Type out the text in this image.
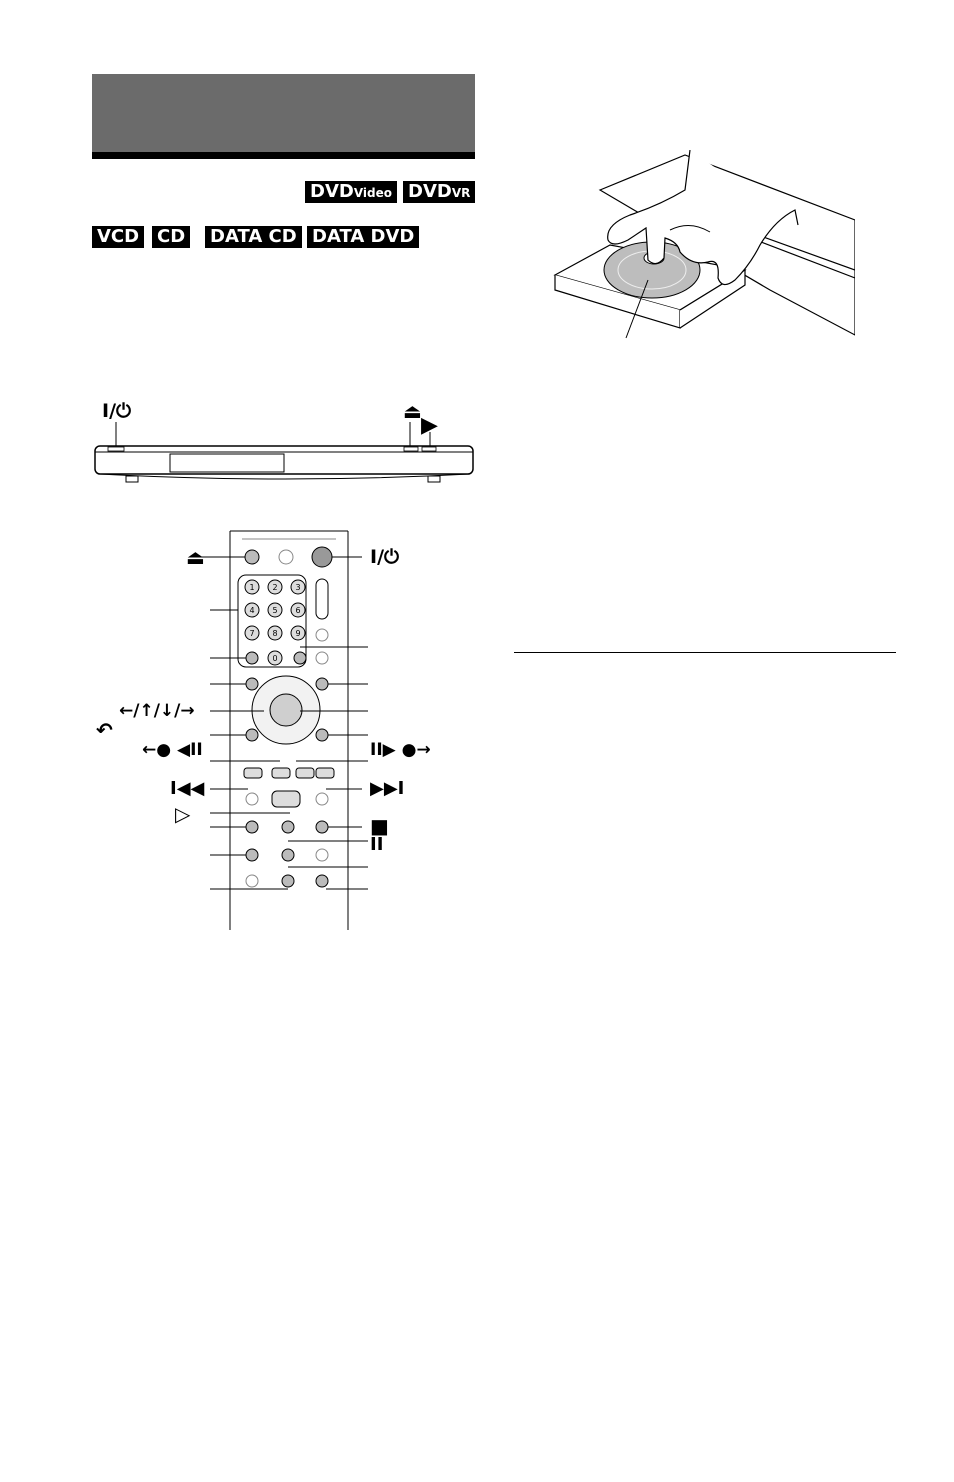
DVDVideo DVDVR
VCD CD DATA CD DATA DVD
I/⏻	⏏
▶
1 2 3
4 5 6
7 8 9
0
⏏
←/↑/↓/→
↶
←● ◀II
I◀◀
▷
I/⏻
II▶ ●→
▶▶I
■
II
